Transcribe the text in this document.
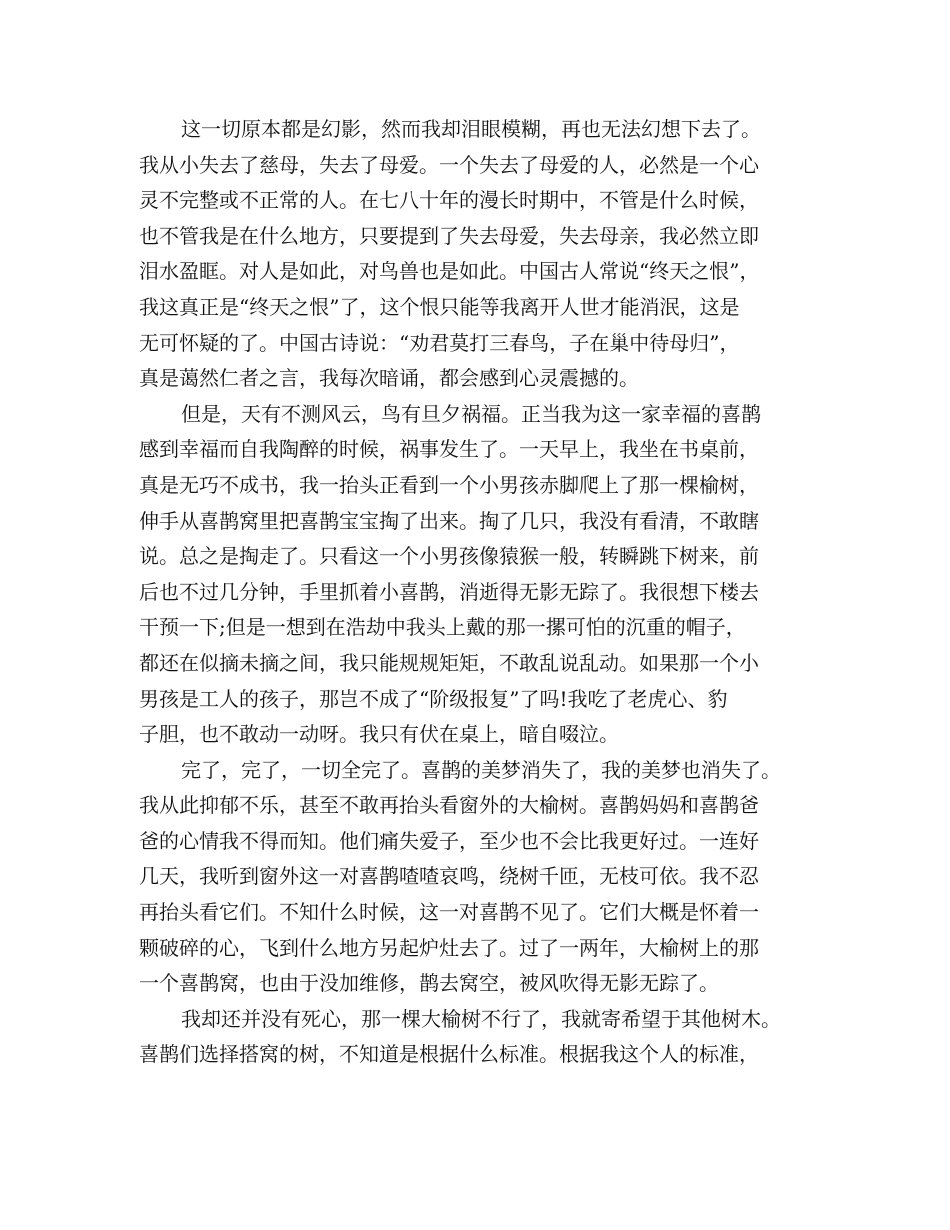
这一切原本都是幻影，然而我却泪眼模糊，再也无法幻想下去了。
我从小失去了慈母，失去了母爱。一个失去了母爱的人，必然是一个心
灵不完整或不正常的人。在七八十年的漫长时期中，不管是什么时候，
也不管我是在什么地方，只要提到了失去母爱，失去母亲，我必然立即
泪水盈眶。对人是如此，对鸟兽也是如此。中国古人常说“终天之恨”，
我这真正是“终天之恨”了，这个恨只能等我离开人世才能消泯，这是
无可怀疑的了。中国古诗说：“劝君莫打三春鸟，子在巢中待母归”，
真是蔼然仁者之言，我每次暗诵，都会感到心灵震撼的。
但是，天有不测风云，鸟有旦夕祸福。正当我为这一家幸福的喜鹊
感到幸福而自我陶醉的时候，祸事发生了。一天早上，我坐在书桌前，
真是无巧不成书，我一抬头正看到一个小男孩赤脚爬上了那一棵榆树，
伸手从喜鹊窝里把喜鹊宝宝掏了出来。掏了几只，我没有看清，不敢瞎
说。总之是掏走了。只看这一个小男孩像猿猴一般，转瞬跳下树来，前
后也不过几分钟，手里抓着小喜鹊，消逝得无影无踪了。我很想下楼去
干预一下;但是一想到在浩劫中我头上戴的那一摞可怕的沉重的帽子，
都还在似摘未摘之间，我只能规规矩矩，不敢乱说乱动。如果那一个小
男孩是工人的孩子，那岂不成了“阶级报复”了吗!我吃了老虎心、豹
子胆，也不敢动一动呀。我只有伏在桌上，暗自啜泣。
完了，完了，一切全完了。喜鹊的美梦消失了，我的美梦也消失了。
我从此抑郁不乐，甚至不敢再抬头看窗外的大榆树。喜鹊妈妈和喜鹊爸
爸的心情我不得而知。他们痛失爱子，至少也不会比我更好过。一连好
几天，我听到窗外这一对喜鹊喳喳哀鸣，绕树千匝，无枝可依。我不忍
再抬头看它们。不知什么时候，这一对喜鹊不见了。它们大概是怀着一
颗破碎的心，飞到什么地方另起炉灶去了。过了一两年，大榆树上的那
一个喜鹊窝，也由于没加维修，鹊去窝空，被风吹得无影无踪了。
我却还并没有死心，那一棵大榆树不行了，我就寄希望于其他树木。
喜鹊们选择搭窝的树，不知道是根据什么标准。根据我这个人的标准，
